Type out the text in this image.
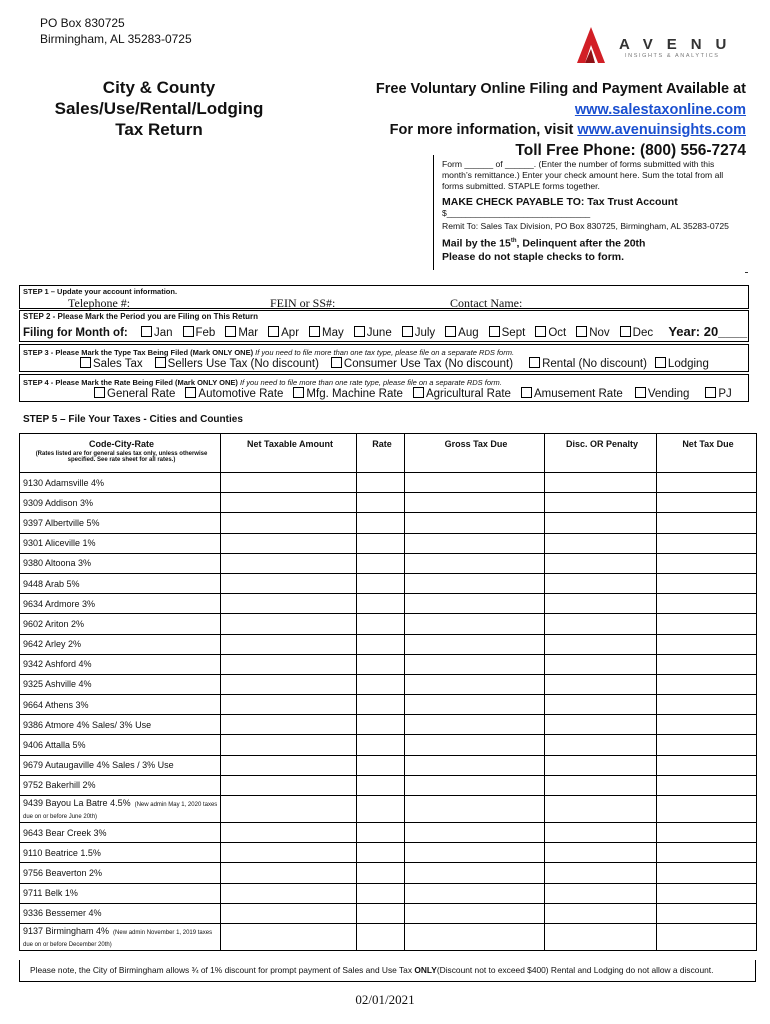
PO Box 830725
Birmingham, AL 35283-0725	AVENU
INSIGHTS & ANALYTICS
City & County
Sales/Use/Rental/Lodging
Tax Return
Free Voluntary Online Filing and Payment Available at
www.salestaxonline.com
For more information, visit www.avenuinsights.com
Toll Free Phone: (800) 556-7274
Form ______ of ______. (Enter the number of forms submitted with this month’s remittance.) Enter your check amount here. Sum the total from all forms submitted. STAPLE forms together.
MAKE CHECK PAYABLE TO: Tax Trust Account
$______________________________
Remit To: Sales Tax Division, PO Box 830725, Birmingham, AL 35283-0725
Mail by the 15th, Delinquent after the 20th
Please do not staple checks to form.
STEP 1 – Update your account information.
Telephone #:	FEIN or SS#:	Contact Name:
STEP 2 - Please Mark the Period you are Filing on This Return
Filing for Month of: Jan Feb Mar Apr May June July Aug Sept Oct Nov Dec Year: 20____
STEP 3 - Please Mark the Type Tax Being Filed (Mark ONLY ONE) If you need to file more than one tax type, please file on a separate RDS form.
Sales Tax Sellers Use Tax (No discount) Consumer Use Tax (No discount)	Rental (No discount) Lodging
STEP 4 - Please Mark the Rate Being Filed (Mark ONLY ONE) If you need to file more than one rate type, please file on a separate RDS form.
General Rate Automotive Rate Mfg. Machine Rate Agricultural Rate Amusement Rate Vending	PJ
STEP 5 – File Your Taxes - Cities and Counties
Code-City-Rate
(Rates listed are for general sales tax only, unless otherwise specified. See rate sheet for all rates.)	Net Taxable Amount	Rate	Gross Tax Due	Disc. OR Penalty	Net Tax Due
9130 Adamsville 4%					
9309 Addison 3%					
9397 Albertville 5%					
9301 Aliceville 1%					
9380 Altoona 3%					
9448 Arab 5%					
9634 Ardmore 3%					
9602 Ariton 2%					
9642 Arley 2%					
9342 Ashford 4%					
9325 Ashville 4%					
9664 Athens 3%					
9386 Atmore 4% Sales/ 3% Use					
9406 Attalla 5%					
9679 Autaugaville 4% Sales / 3% Use					
9752 Bakerhill 2%					
9439 Bayou La Batre 4.5% (New admin May 1, 2020 taxes due on or before June 20th)					
9643 Bear Creek 3%					
9110 Beatrice 1.5%					
9756 Beaverton 2%					
9711 Belk 1%					
9336 Bessemer 4%					
9137 Birmingham 4% (New admin November 1, 2019 taxes due on or before December 20th)					
Please note, the City of Birmingham allows ¾ of 1% discount for prompt payment of Sales and Use Tax ONLY(Discount not to exceed $400) Rental and Lodging do not allow a discount.
02/01/2021
